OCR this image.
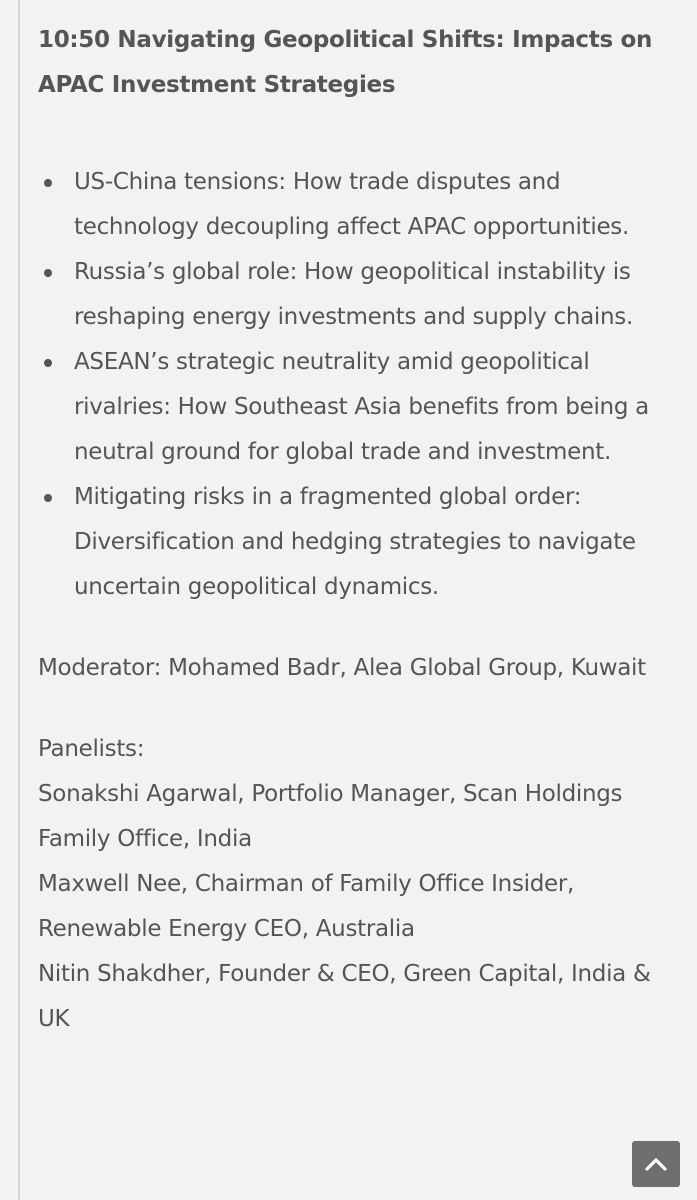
10:50 Navigating Geopolitical Shifts: Impacts on APAC Investment Strategies
US-China tensions: How trade disputes and technology decoupling affect APAC opportunities.
Russia’s global role: How geopolitical instability is reshaping energy investments and supply chains.
ASEAN’s strategic neutrality amid geopolitical rivalries: How Southeast Asia benefits from being a neutral ground for global trade and investment.
Mitigating risks in a fragmented global order: Diversification and hedging strategies to navigate uncertain geopolitical dynamics.

Moderator: Mohamed Badr, Alea Global Group, Kuwait

Panelists:

Sonakshi Agarwal, Portfolio Manager, Scan Holdings Family Office, India

Maxwell Nee, Chairman of Family Office Insider, Renewable Energy CEO, Australia

Nitin Shakdher, Founder & CEO, Green Capital, India & UK
